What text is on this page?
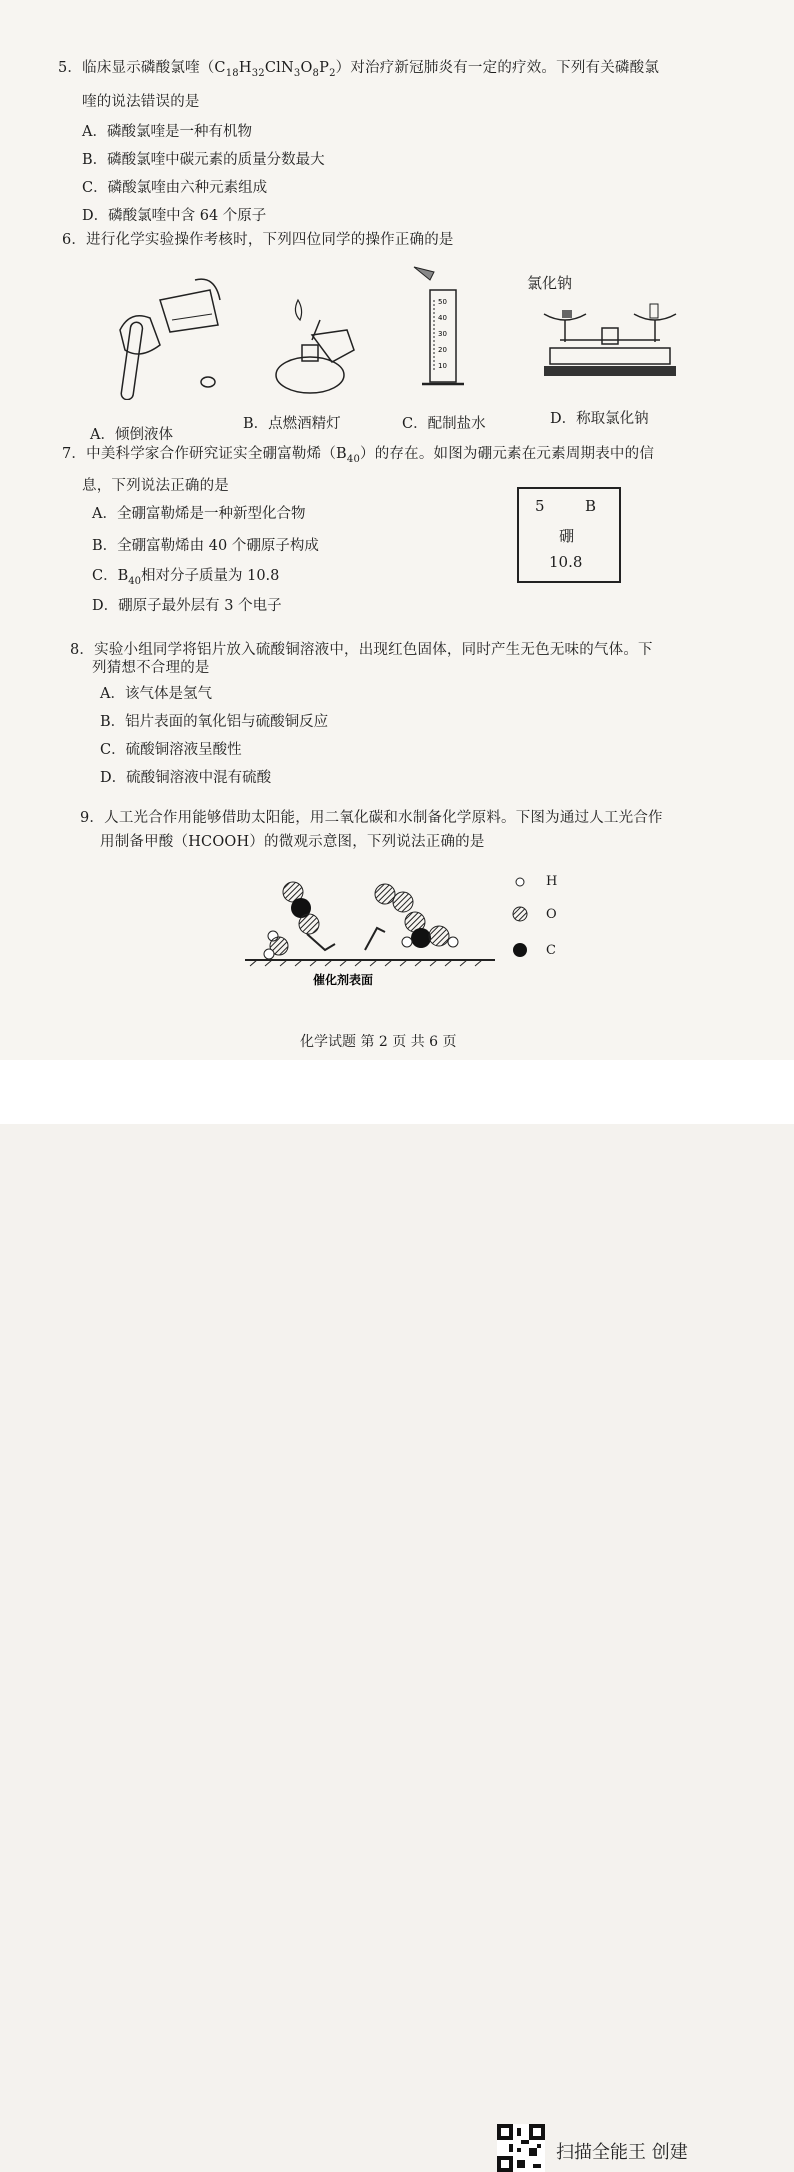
5．临床显示磷酸氯喹$(C_{18}H_{32}ClN_3O_8P_2)$对治疗新冠肺炎有一定的疗效。下列有关磷酸氯
喹的说法错误的是
A．磷酸氯喹是一种有机物
B．磷酸氯喹中碳元素的质量分数最大
C．磷酸氯喹由六种元素组成
D．磷酸氯喹中含 64 个原子
6．进行化学实验操作考核时，下列四位同学的操作正确的是
50
40
30
20
10
氯化钠
A．倾倒液体
B．点燃酒精灯	C．配制盐水	D．称取氯化钠
7．中美科学家合作研究证实全硼富勒烯$(B_{40})$的存在。如图为硼元素在元素周期表中的信
息，下列说法正确的是
A．全硼富勒烯是一种新型化合物
B．全硼富勒烯由 40 个硼原子构成
C．$B_{40}$相对分子质量为 10.8
D．硼原子最外层有 3 个电子
5	B
硼
10.8
8．实验小组同学将铝片放入硫酸铜溶液中，出现红色固体，同时产生无色无味的气体。下
列猜想不合理的是
A．该气体是氢气
B．铝片表面的氧化铝与硫酸铜反应
C．硫酸铜溶液呈酸性
D．硫酸铜溶液中混有硫酸
9．人工光合作用能够借助太阳能，用二氧化碳和水制备化学原料。下图为通过人工光合作
用制备甲酸（HCOOH）的微观示意图，下列说法正确的是
催化剂表面
H
O
C
化学试题 第 2 页 共 6 页
扫描全能王 创建
